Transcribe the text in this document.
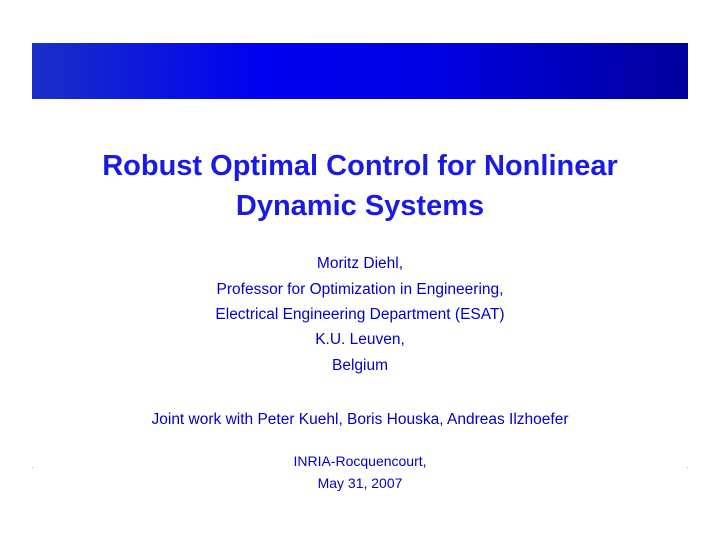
Robust Optimal Control for Nonlinear
Dynamic Systems
Moritz Diehl,
Professor for Optimization in Engineering,
Electrical Engineering Department (ESAT)
K.U. Leuven,
Belgium
Joint work with Peter Kuehl, Boris Houska, Andreas Ilzhoefer
INRIA-Rocquencourt,
May 31, 2007
